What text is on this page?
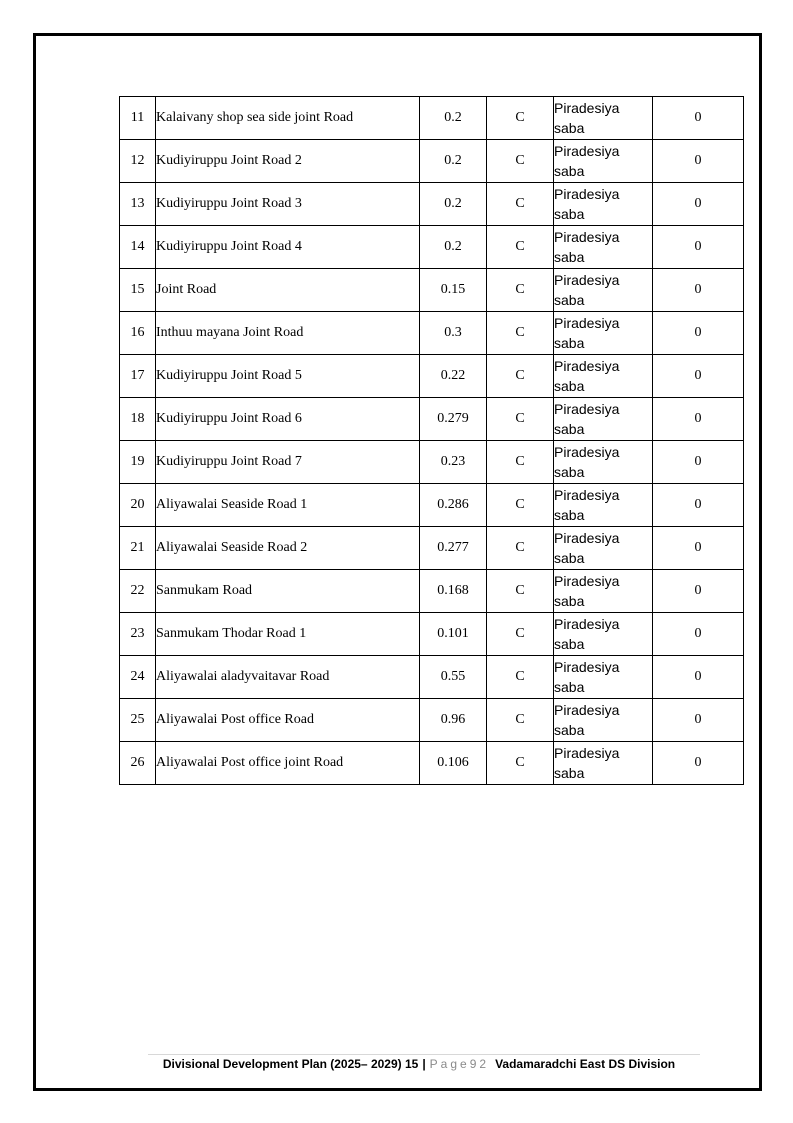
11	Kalaivany shop sea side joint Road	0.2	C	Piradesiya saba	0
12	Kudiyiruppu Joint Road 2	0.2	C	Piradesiya saba	0
13	Kudiyiruppu Joint Road 3	0.2	C	Piradesiya saba	0
14	Kudiyiruppu Joint Road 4	0.2	C	Piradesiya saba	0
15	Joint Road	0.15	C	Piradesiya saba	0
16	Inthuu mayana Joint Road	0.3	C	Piradesiya saba	0
17	Kudiyiruppu Joint Road 5	0.22	C	Piradesiya saba	0
18	Kudiyiruppu Joint Road 6	0.279	C	Piradesiya saba	0
19	Kudiyiruppu Joint Road 7	0.23	C	Piradesiya saba	0
20	Aliyawalai Seaside Road 1	0.286	C	Piradesiya saba	0
21	Aliyawalai Seaside Road 2	0.277	C	Piradesiya saba	0
22	Sanmukam Road	0.168	C	Piradesiya saba	0
23	Sanmukam Thodar Road 1	0.101	C	Piradesiya saba	0
24	Aliyawalai aladyvaitavar Road	0.55	C	Piradesiya saba	0
25	Aliyawalai Post office Road	0.96	C	Piradesiya saba	0
26	Aliyawalai Post office joint Road	0.106	C	Piradesiya saba	0
Divisional Development Plan (2025– 2029) 15 | Page92 Vadamaradchi East DS Division
